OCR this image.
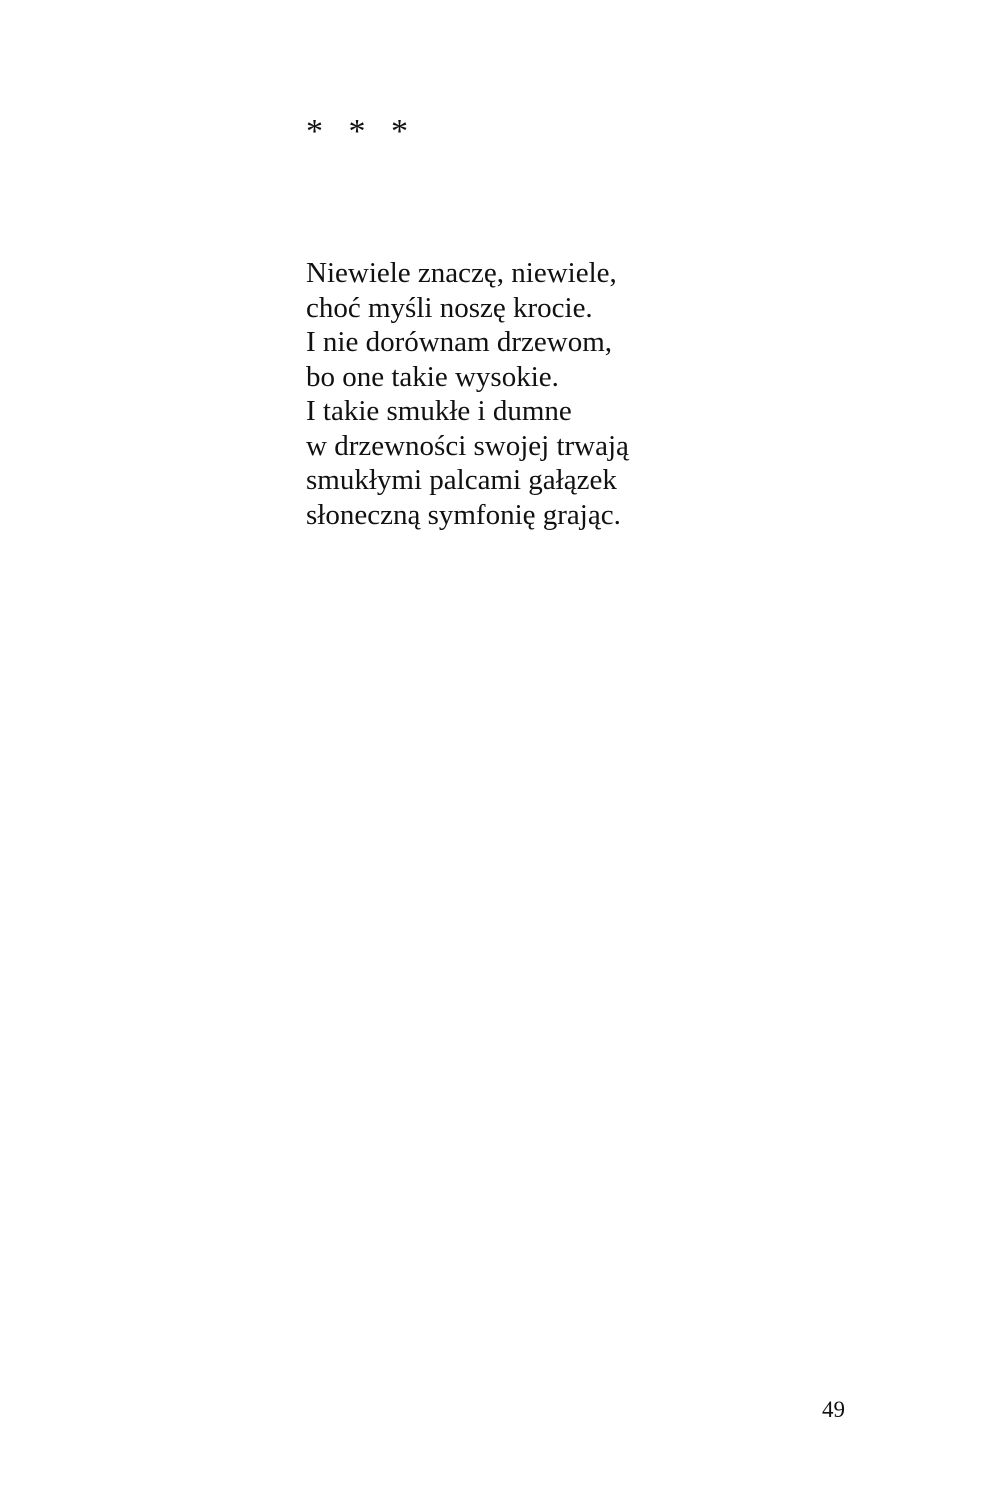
*   *   *
Niewiele znaczę, niewiele,
choć myśli noszę krocie.
I nie dorównam drzewom,
bo one takie wysokie.
I takie smukłe i dumne
w drzewności swojej trwają
smukłymi palcami gałązek
słoneczną symfonię grając.
49
